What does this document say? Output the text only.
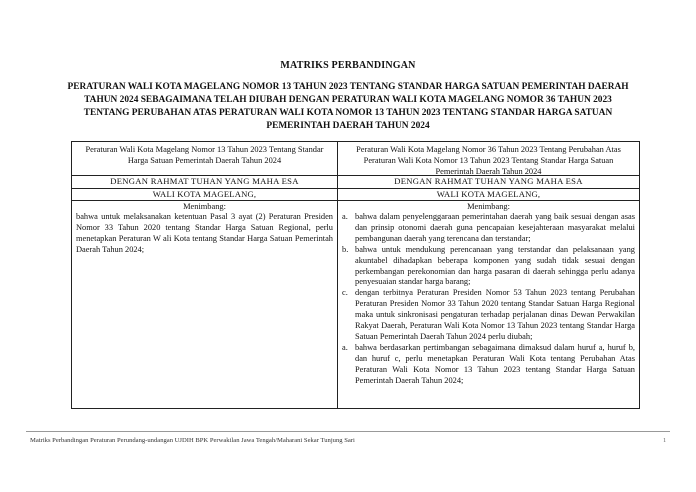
MATRIKS PERBANDINGAN
PERATURAN WALI KOTA MAGELANG NOMOR 13 TAHUN 2023 TENTANG STANDAR HARGA SATUAN PEMERINTAH DAERAH TAHUN 2024 SEBAGAIMANA TELAH DIUBAH DENGAN PERATURAN WALI KOTA MAGELANG NOMOR 36 TAHUN 2023 TENTANG PERUBAHAN ATAS PERATURAN WALI KOTA NOMOR 13 TAHUN 2023 TENTANG STANDAR HARGA SATUAN PEMERINTAH DAERAH TAHUN 2024
Peraturan Wali Kota Magelang Nomor 13 Tahun 2023 Tentang Standar Harga Satuan Pemerintah Daerah Tahun 2024
DENGAN RAHMAT TUHAN YANG MAHA ESA
WALI KOTA MAGELANG,
Menimbang:
bahwa untuk melaksanakan ketentuan Pasal 3 ayat (2) Peraturan Presiden Nomor 33 Tahun 2020 tentang Standar Harga Satuan Regional, perlu menetapkan Peraturan W ali Kota tentang Standar Harga Satuan Pemerintah Daerah Tahun 2024;
Peraturan Wali Kota Magelang Nomor 36 Tahun 2023 Tentang Perubahan Atas Peraturan Wali Kota Nomor 13 Tahun 2023 Tentang Standar Harga Satuan Pemerintah Daerah Tahun 2024
DENGAN RAHMAT TUHAN YANG MAHA ESA
WALI KOTA MAGELANG,
Menimbang:
a. bahwa dalam penyelenggaraan pemerintahan daerah yang baik sesuai dengan asas dan prinsip otonomi daerah guna pencapaian kesejahteraan masyarakat melalui pembangunan daerah yang terencana dan terstandar;
b. bahwa untuk mendukung perencanaan yang terstandar dan pelaksanaan yang akuntabel dihadapkan beberapa komponen yang sudah tidak sesuai dengan perkembangan perekonomian dan harga pasaran di daerah sehingga perlu adanya penyesuaian standar harga barang;
c. dengan terbitnya Peraturan Presiden Nomor 53 Tahun 2023 tentang Perubahan Peraturan Presiden Nomor 33 Tahun 2020 tentang Standar Satuan Harga Regional maka untuk sinkronisasi pengaturan terhadap perjalanan dinas Dewan Perwakilan Rakyat Daerah, Peraturan Wali Kota Nomor 13 Tahun 2023 tentang Standar Harga Satuan Pemerintah Daerah Tahun 2024 perlu diubah;
a. bahwa berdasarkan pertimbangan sebagaimana dimaksud dalam huruf a, huruf b, dan huruf c, perlu menetapkan Peraturan Wali Kota tentang Perubahan Atas Peraturan Wali Kota Nomor 13 Tahun 2023 tentang Standar Harga Satuan Pemerintah Daerah Tahun 2024;
Matriks Perbandingan Peraturan Perundang-undangan UJDIH BPK Perwakilan Jawa Tengah/Maharani Sekar Tunjung Sari	1
